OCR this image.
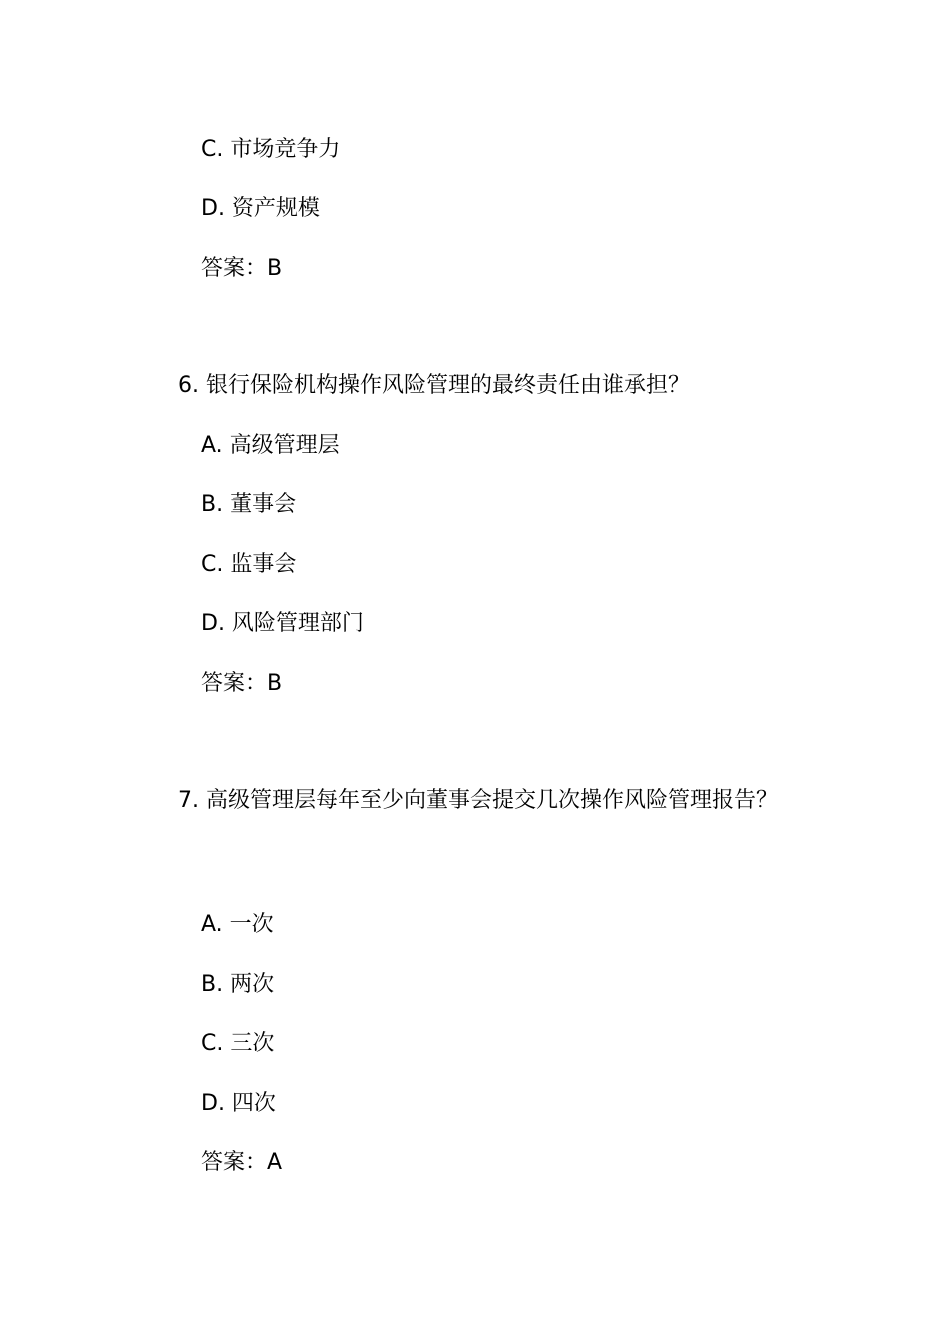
C. 市场竞争力

D. 资产规模

答案：B

6. 银行保险机构操作风险管理的最终责任由谁承担？

A. 高级管理层

B. 董事会

C. 监事会

D. 风险管理部门

答案：B

7. 高级管理层每年至少向董事会提交几次操作风险管理报告？

A. 一次

B. 两次

C. 三次

D. 四次

答案：A
